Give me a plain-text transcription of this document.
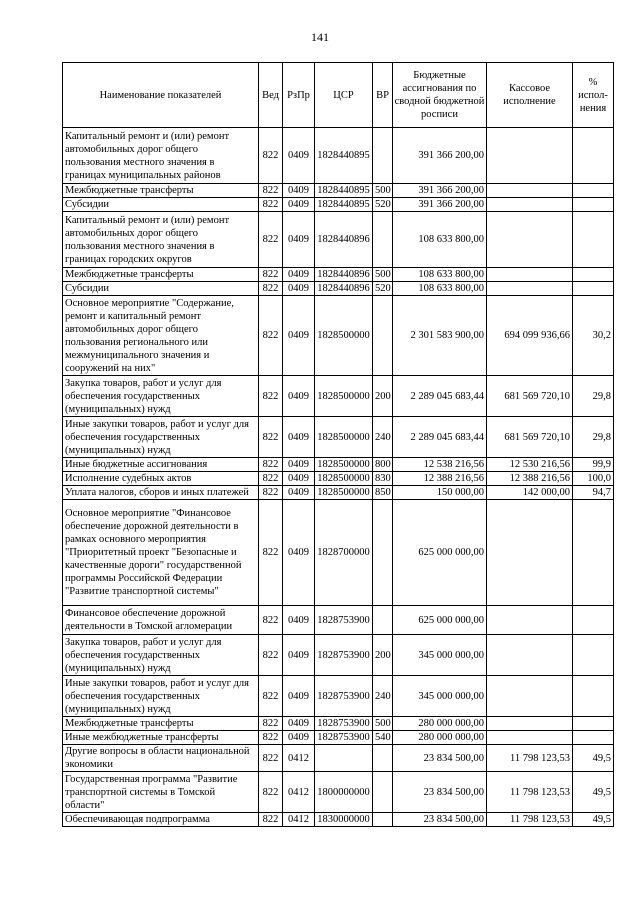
141
Наименование показателей	Вед	РзПр	ЦСР	ВР	Бюджетные ассигнования по сводной бюджетной росписи	Кассовое исполнение	% испол-нения
Капитальный ремонт и (или) ремонт автомобильных дорог общего пользования местного значения в границах муниципальных районов	822	0409	1828440895		391 366 200,00		
Межбюджетные трансферты	822	0409	1828440895	500	391 366 200,00		
Субсидии	822	0409	1828440895	520	391 366 200,00		
Капитальный ремонт и (или) ремонт автомобильных дорог общего пользования местного значения в границах городских округов	822	0409	1828440896		108 633 800,00		
Межбюджетные трансферты	822	0409	1828440896	500	108 633 800,00		
Субсидии	822	0409	1828440896	520	108 633 800,00		
Основное мероприятие "Содержание, ремонт и капитальный ремонт автомобильных дорог общего пользования регионального или межмуниципального значения и сооружений на них"	822	0409	1828500000		2 301 583 900,00	694 099 936,66	30,2
Закупка товаров, работ и услуг для обеспечения государственных (муниципальных) нужд	822	0409	1828500000	200	2 289 045 683,44	681 569 720,10	29,8
Иные закупки товаров, работ и услуг для обеспечения государственных (муниципальных) нужд	822	0409	1828500000	240	2 289 045 683,44	681 569 720,10	29,8
Иные бюджетные ассигнования	822	0409	1828500000	800	12 538 216,56	12 530 216,56	99,9
Исполнение судебных актов	822	0409	1828500000	830	12 388 216,56	12 388 216,56	100,0
Уплата налогов, сборов и иных платежей	822	0409	1828500000	850	150 000,00	142 000,00	94,7
Основное мероприятие "Финансовое обеспечение дорожной деятельности в рамках основного мероприятия "Приоритетный проект "Безопасные и качественные дороги" государственной программы Российской Федерации "Развитие транспортной системы"	822	0409	1828700000		625 000 000,00		
Финансовое обеспечение дорожной деятельности в Томской агломерации	822	0409	1828753900		625 000 000,00		
Закупка товаров, работ и услуг для обеспечения государственных (муниципальных) нужд	822	0409	1828753900	200	345 000 000,00		
Иные закупки товаров, работ и услуг для обеспечения государственных (муниципальных) нужд	822	0409	1828753900	240	345 000 000,00		
Межбюджетные трансферты	822	0409	1828753900	500	280 000 000,00		
Иные межбюджетные трансферты	822	0409	1828753900	540	280 000 000,00		
Другие вопросы в области национальной экономики	822	0412			23 834 500,00	11 798 123,53	49,5
Государственная программа "Развитие транспортной системы в Томской области"	822	0412	1800000000		23 834 500,00	11 798 123,53	49,5
Обеспечивающая подпрограмма	822	0412	1830000000		23 834 500,00	11 798 123,53	49,5
